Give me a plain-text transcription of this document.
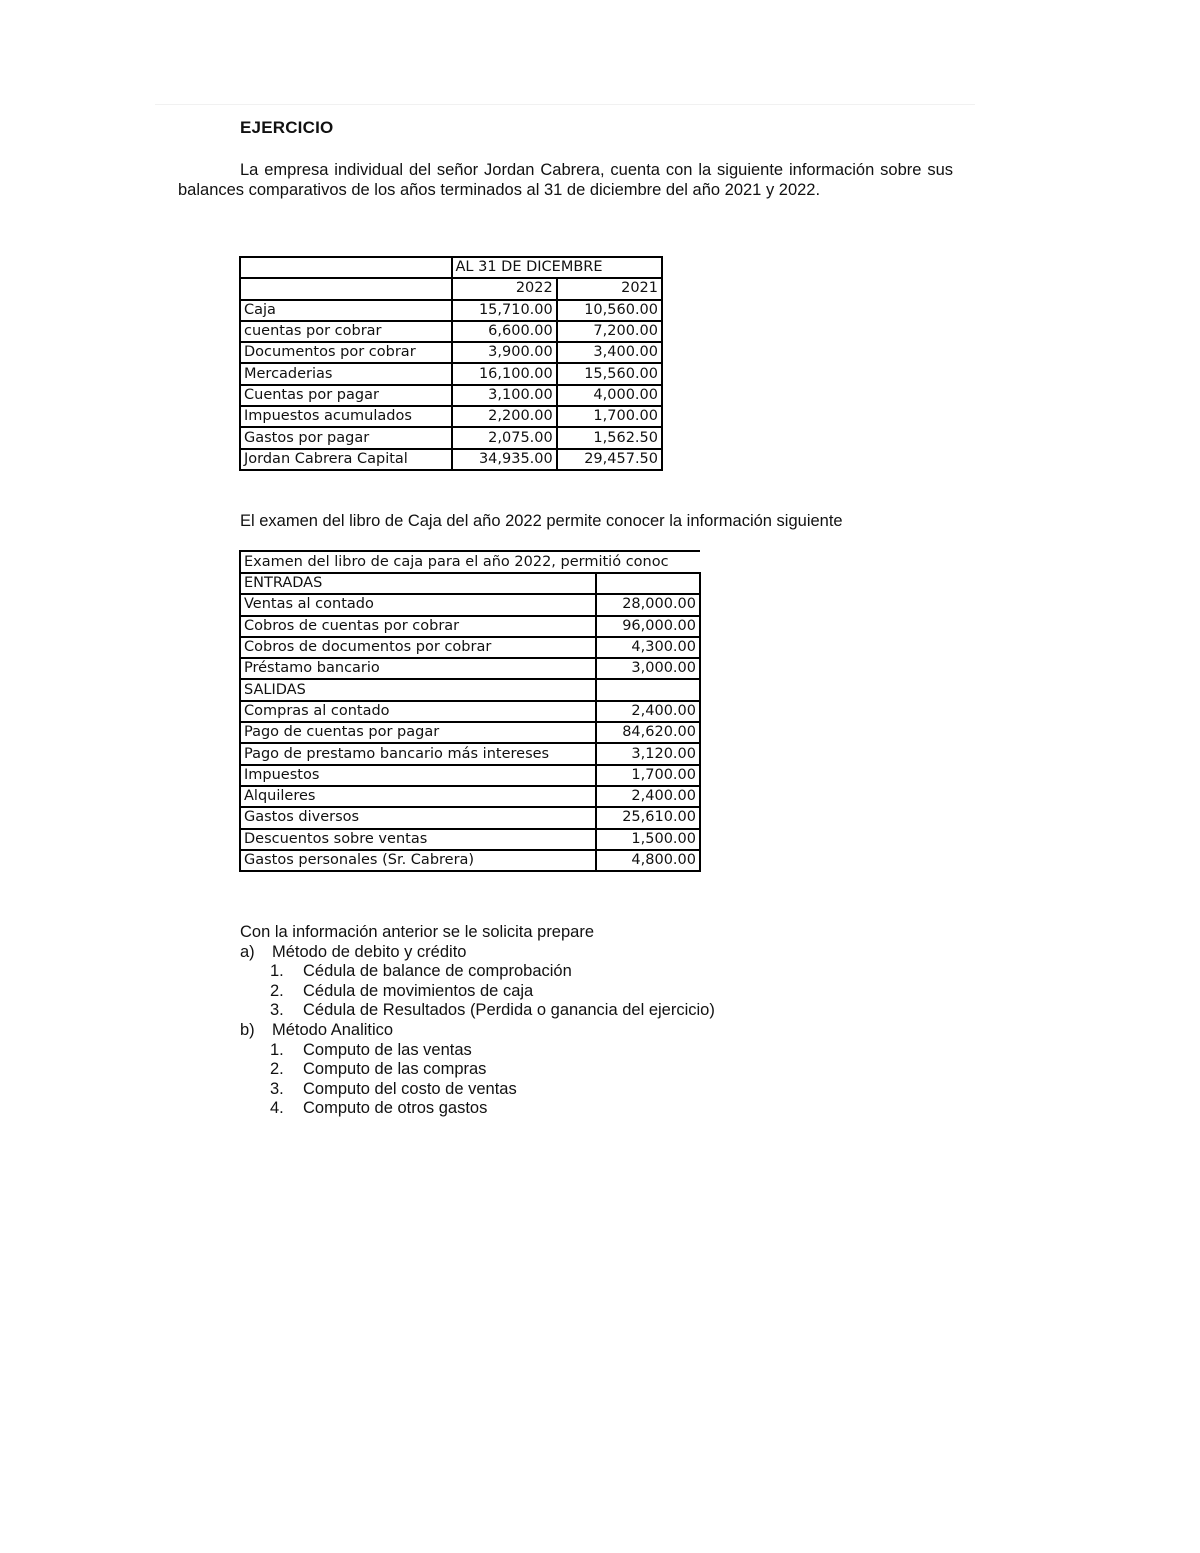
EJERCICIO
La empresa individual del señor Jordan Cabrera, cuenta con la siguiente información sobre sus balances comparativos de los años terminados al 31 de diciembre del año 2021 y 2022.
	AL 31 DE DICEMBRE	
	2022	2021
Caja	15,710.00	10,560.00
cuentas por cobrar	6,600.00	7,200.00
Documentos por cobrar	3,900.00	3,400.00
Mercaderias	16,100.00	15,560.00
Cuentas por pagar	3,100.00	4,000.00
Impuestos acumulados	2,200.00	1,700.00
Gastos por pagar	2,075.00	1,562.50
Jordan Cabrera Capital	34,935.00	29,457.50
El examen del libro de Caja del año 2022 permite conocer la información siguiente
Examen del libro de caja para el año 2022, permitió conoc	
ENTRADAS	
Ventas al contado	28,000.00
Cobros de cuentas por cobrar	96,000.00
Cobros de documentos por cobrar	4,300.00
Préstamo bancario	3,000.00
SALIDAS	
Compras al contado	2,400.00
Pago de cuentas por pagar	84,620.00
Pago de prestamo bancario más intereses	3,120.00
Impuestos	1,700.00
Alquileres	2,400.00
Gastos diversos	25,610.00
Descuentos sobre ventas	1,500.00
Gastos personales (Sr. Cabrera)	4,800.00
Con la información anterior se le solicita prepare
a)	Método de debito y crédito
1.	Cédula de balance de comprobación
2.	Cédula de movimientos de caja
3.	Cédula de Resultados (Perdida o ganancia del ejercicio)
b)	Método Analitico
1.	Computo de las ventas
2.	Computo de las compras
3.	Computo del costo de ventas
4.	Computo de otros gastos
